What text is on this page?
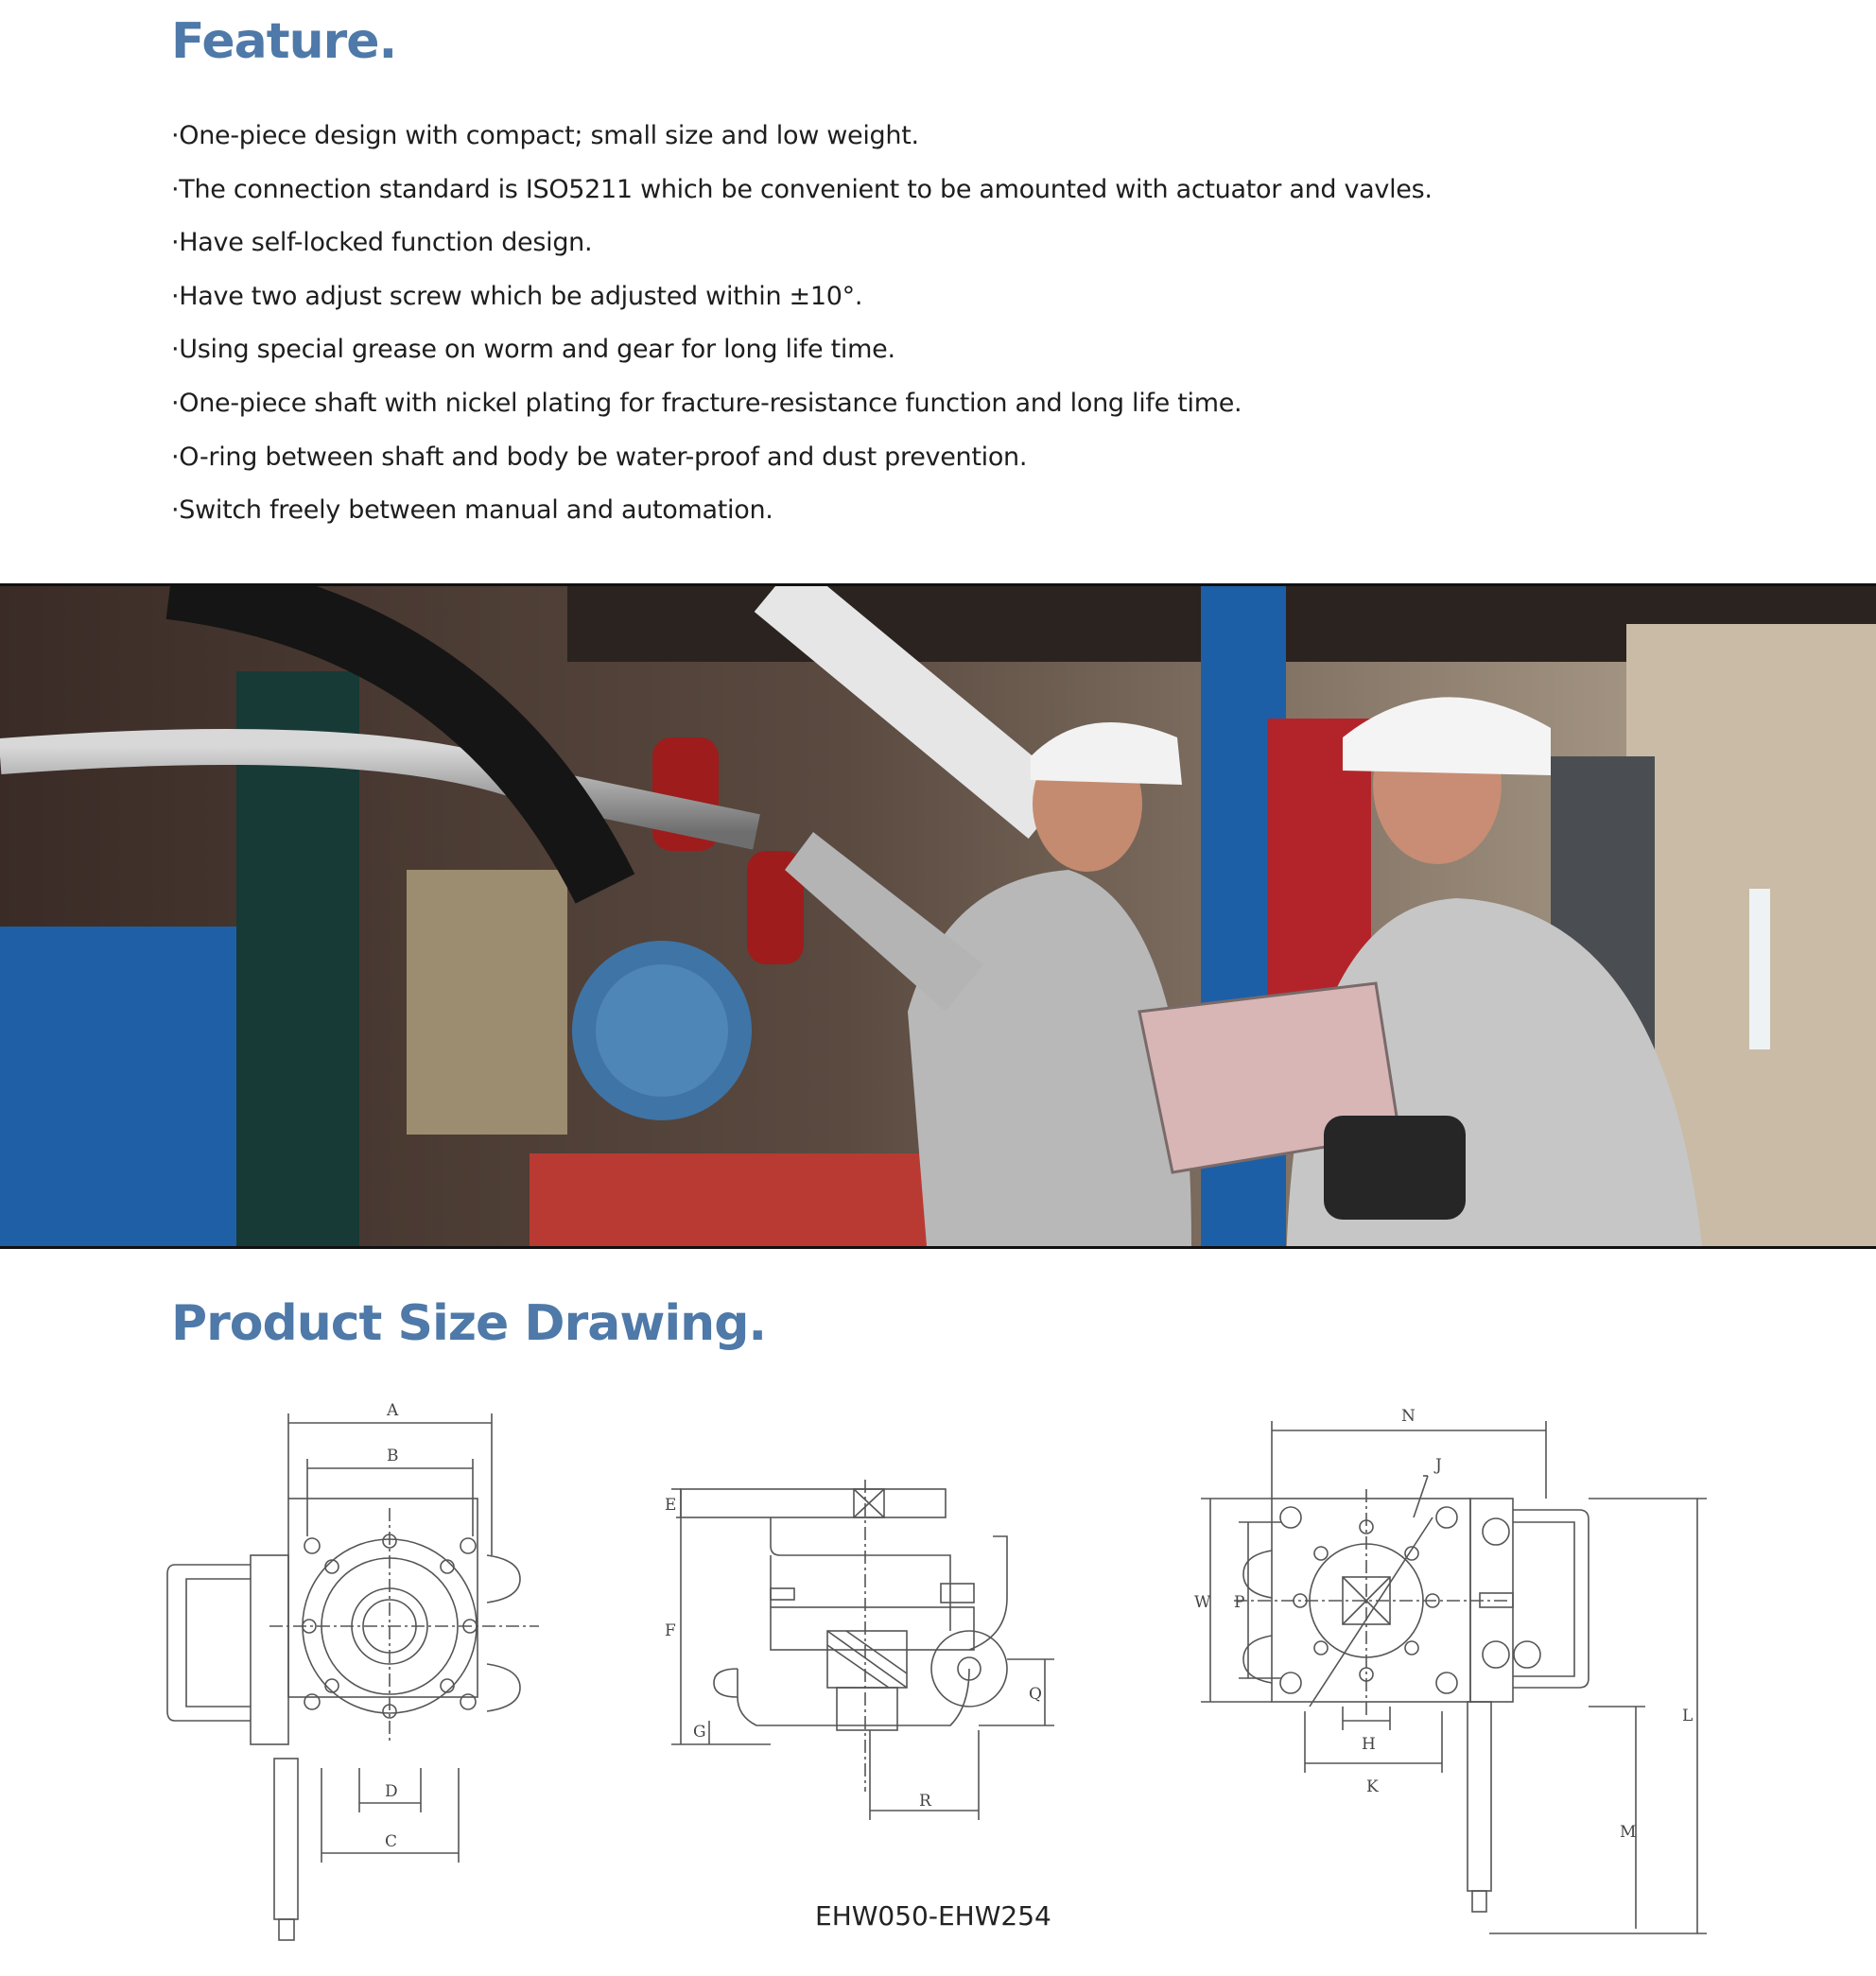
Feature.
·One-piece design with compact; small size and low weight.
·The connection standard is ISO5211 which be convenient to be amounted with actuator and vavles.
·Have self-locked function design.
·Have two adjust screw which be adjusted within ±10°.
·Using special grease on worm and gear for long life time.
·One-piece shaft with nickel plating for fracture-resistance function and long life time.
·O-ring between shaft and body be water-proof and dust prevention.
·Switch freely between manual and automation.
Product Size Drawing.
A
B
C
D
E
F
G
Q
R
N
J
W P
H
K
L
M
EHW050-EHW254
